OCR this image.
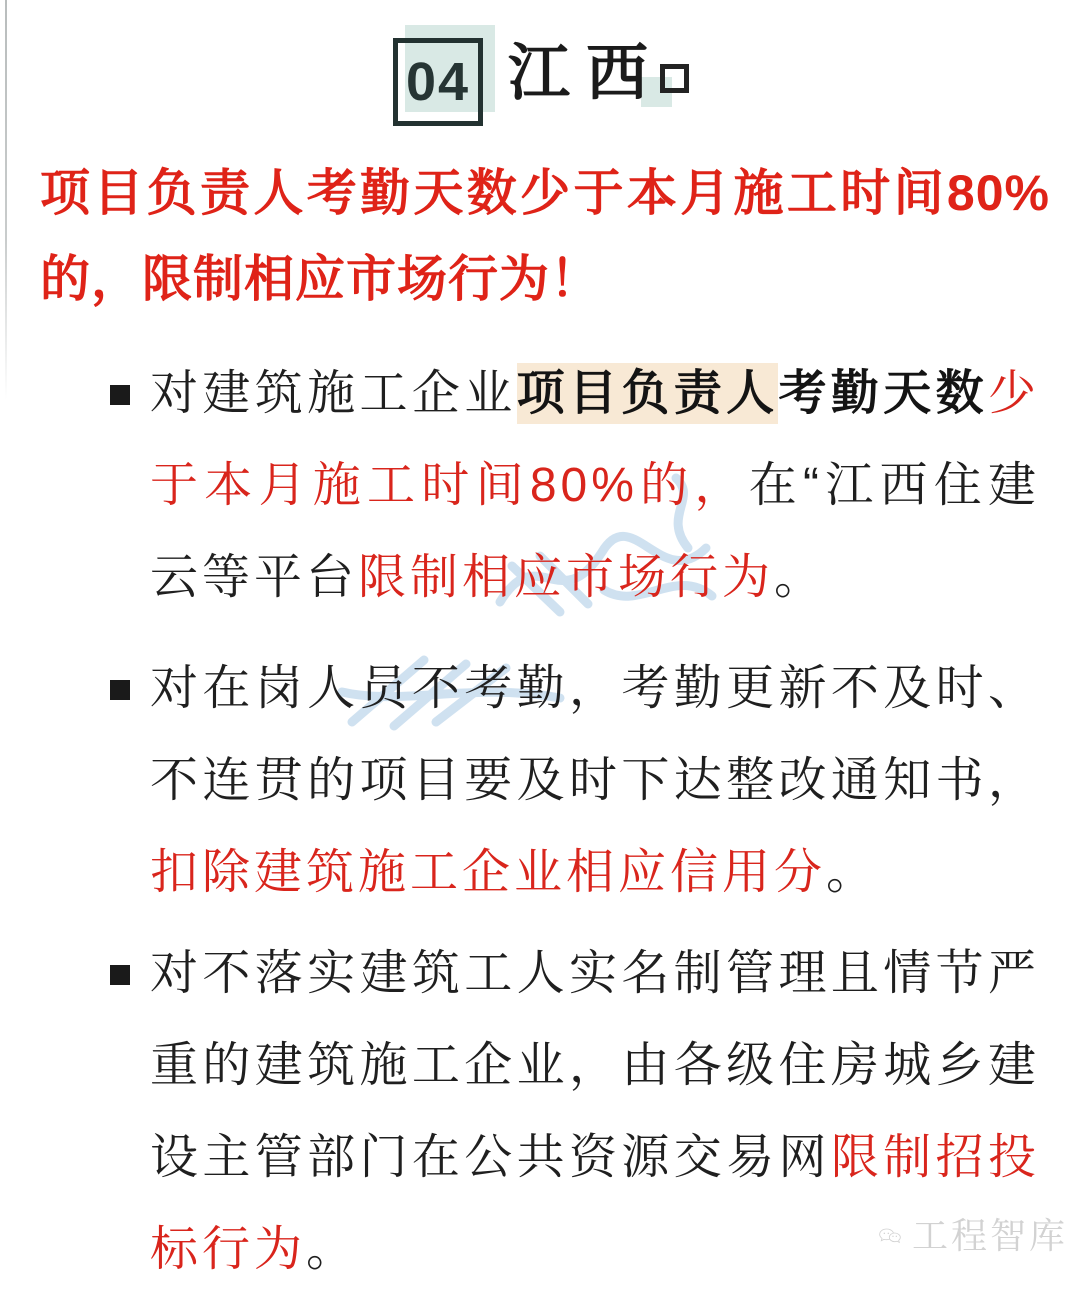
04 江西
项目负责人考勤天数少于本月施工时间80%的，限制相应市场行为！
对建筑施工企业项目负责人考勤天数少于本月施工时间80%的，在“江西住建云等平台限制相应市场行为。
对在岗人员不考勤，考勤更新不及时、不连贯的项目要及时下达整改通知书，扣除建筑施工企业相应信用分。
对不落实建筑工人实名制管理且情节严重的建筑施工企业，由各级住房城乡建设主管部门在公共资源交易网限制招投标行为。	工程智库
